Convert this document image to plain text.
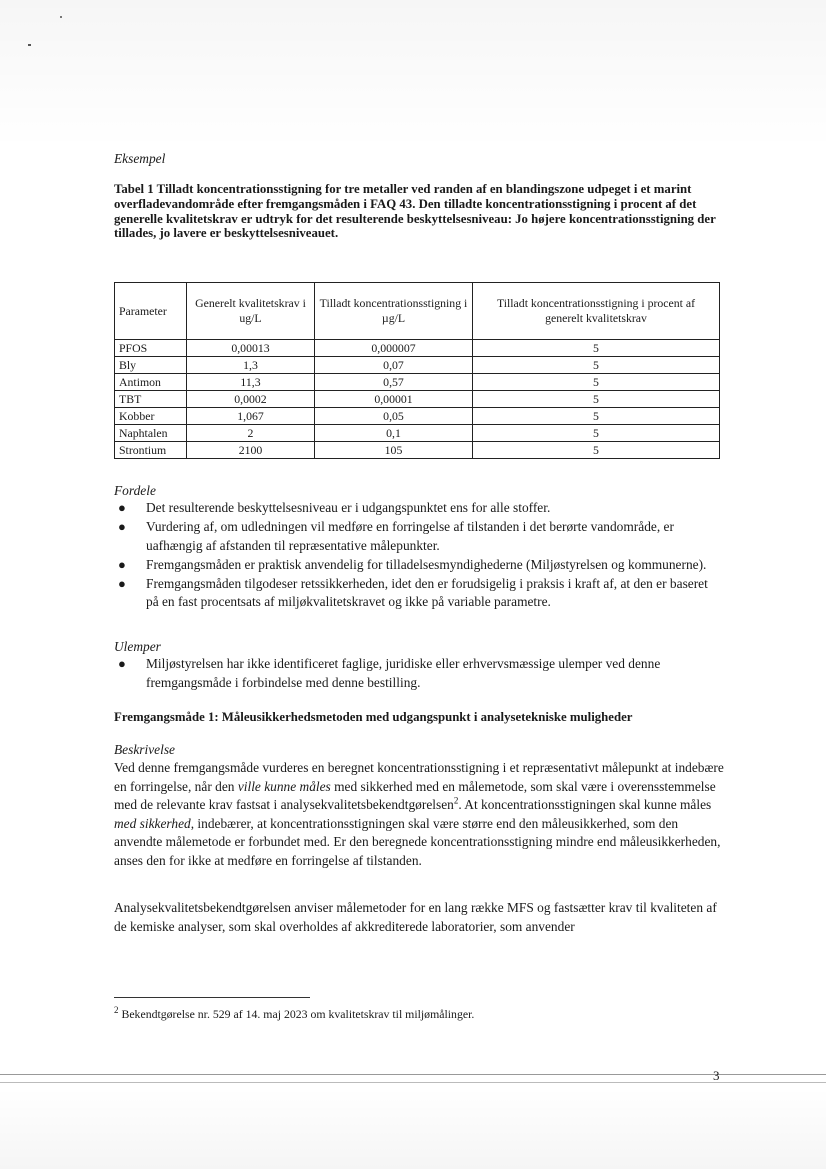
Eksempel
Tabel 1 Tilladt koncentrationsstigning for tre metaller ved randen af en blandingszone udpeget i et marint overfladevandområde efter fremgangsmåden i FAQ 43. Den tilladte koncentrationsstigning i procent af det generelle kvalitetskrav er udtryk for det resulterende beskyttelsesniveau: Jo højere koncentrationsstigning der tillades, jo lavere er beskyttelsesniveauet.
Parameter	Generelt kvalitetskrav i ug/L	Tilladt koncentrationsstigning i µg/L	Tilladt koncentrationsstigning i procent af generelt kvalitetskrav
PFOS	0,00013	0,000007	5
Bly	1,3	0,07	5
Antimon	11,3	0,57	5
TBT	0,0002	0,00001	5
Kobber	1,067	0,05	5
Naphtalen	2	0,1	5
Strontium	2100	105	5
Fordele
● Det resulterende beskyttelsesniveau er i udgangspunktet ens for alle stoffer.
● Vurdering af, om udledningen vil medføre en forringelse af tilstanden i det berørte vandområde, er uafhængig af afstanden til repræsentative målepunkter.
● Fremgangsmåden er praktisk anvendelig for tilladelsesmyndighederne (Miljøstyrelsen og kommunerne).
● Fremgangsmåden tilgodeser retssikkerheden, idet den er forudsigelig i praksis i kraft af, at den er baseret på en fast procentsats af miljøkvalitetskravet og ikke på variable parametre.
Ulemper
● Miljøstyrelsen har ikke identificeret faglige, juridiske eller erhvervsmæssige ulemper ved denne fremgangsmåde i forbindelse med denne bestilling.
Fremgangsmåde 1: Måleusikkerhedsmetoden med udgangspunkt i analysetekniske muligheder
Beskrivelse
Ved denne fremgangsmåde vurderes en beregnet koncentrationsstigning i et repræsentativt målepunkt at indebære en forringelse, når den ville kunne måles med sikkerhed med en målemetode, som skal være i overensstemmelse med de relevante krav fastsat i analysekvalitetsbekendtgørelsen$^2$. At koncentrationsstigningen skal kunne måles med sikkerhed, indebærer, at koncentrationsstigningen skal være større end den måleusikkerhed, som den anvendte målemetode er forbundet med. Er den beregnede koncentrationsstigning mindre end måleusikkerheden, anses den for ikke at medføre en forringelse af tilstanden.
Analysekvalitetsbekendtgørelsen anviser målemetoder for en lang række MFS og fastsætter krav til kvaliteten af de kemiske analyser, som skal overholdes af akkrediterede laboratorier, som anvender
$^2$ Bekendtgørelse nr. 529 af 14. maj 2023 om kvalitetskrav til miljømålinger.
3
